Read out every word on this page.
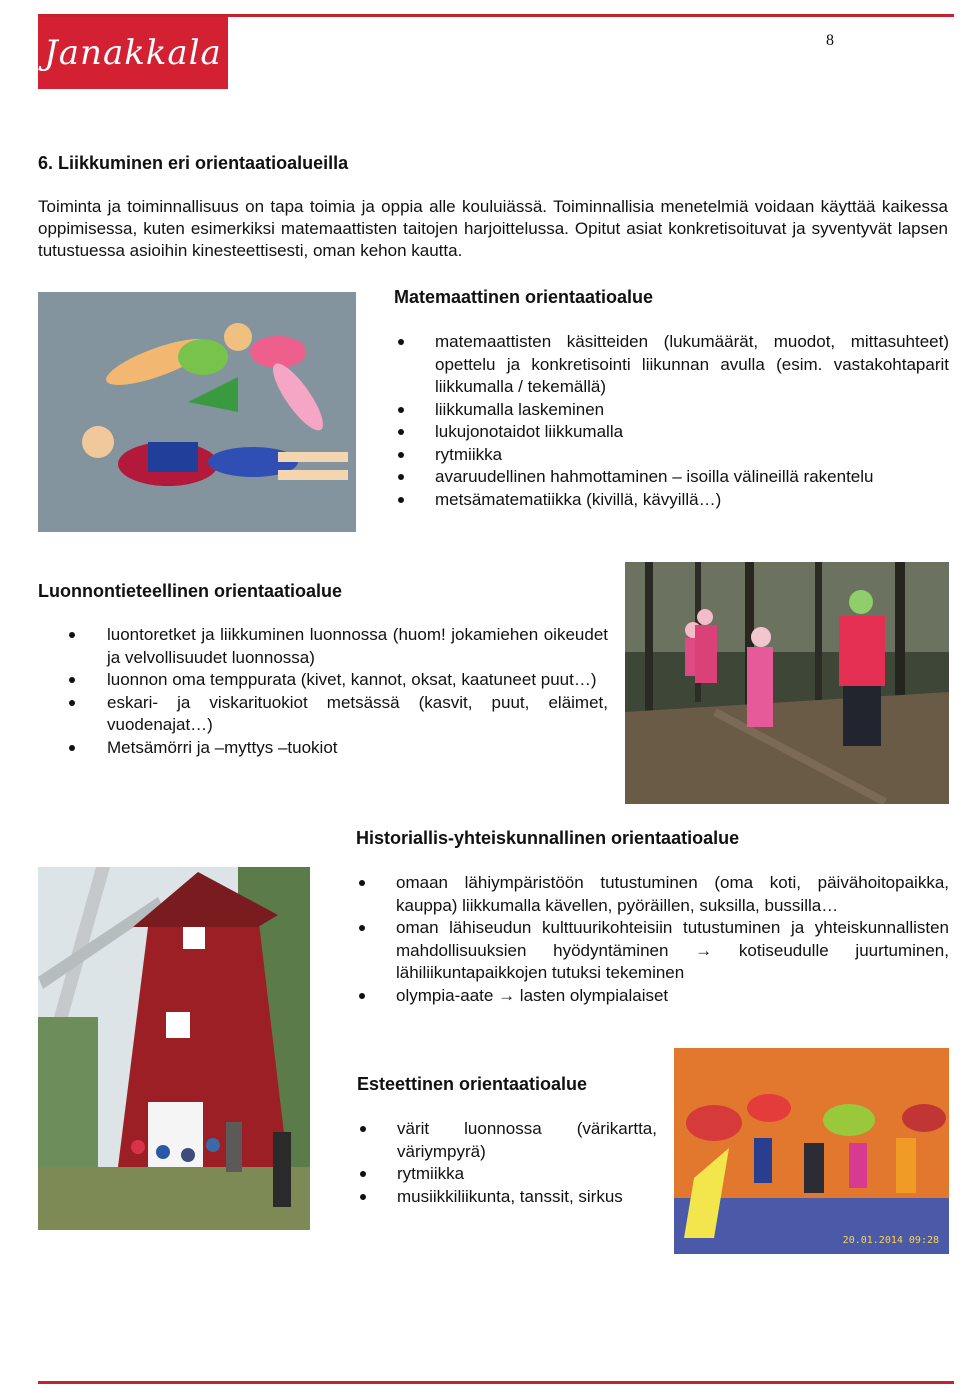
Janakkala	8
6. Liikkuminen eri orientaatioalueilla
Toiminta ja toiminnallisuus on tapa toimia ja oppia alle kouluiässä. Toiminnallisia menetelmiä voidaan käyttää kaikessa oppimisessa, kuten esimerkiksi matemaattisten taitojen harjoittelussa. Opitut asiat konkretisoituvat ja syventyvät lapsen tutustuessa asioihin kinesteettisesti, oman kehon kautta.
Matemaattinen orientaatioalue
matemaattisten käsitteiden (lukumäärät, muodot, mittasuhteet) opettelu ja konkretisointi liikunnan avulla (esim. vastakohtaparit liikkumalla / tekemällä)
liikkumalla laskeminen
lukujonotaidot liikkumalla
rytmiikka
avaruudellinen hahmottaminen – isoilla välineillä rakentelu
metsämatematiikka (kivillä, kävyillä…)
Luonnontieteellinen orientaatioalue
luontoretket ja liikkuminen luonnossa (huom! jokamiehen oikeudet ja velvollisuudet luonnossa)
luonnon oma temppurata (kivet, kannot, oksat, kaatuneet puut…)
eskari- ja viskarituokiot metsässä (kasvit, puut, eläimet, vuodenajat…)
Metsämörri ja –myttys –tuokiot
Historiallis-yhteiskunnallinen orientaatioalue
omaan lähiympäristöön tutustuminen (oma koti, päivähoitopaikka, kauppa) liikkumalla kävellen, pyöräillen, suksilla, bussilla…
oman lähiseudun kulttuurikohteisiin tutustuminen ja yhteiskunnallisten mahdollisuuksien hyödyntäminen → kotiseudulle juurtuminen, lähiliikuntapaikkojen tutuksi tekeminen
olympia-aate → lasten olympialaiset
Esteettinen orientaatioalue
värit luonnossa (värikartta, väriympyrä)
rytmiikka
musiikkiliikunta, tanssit, sirkus
20.01.2014 09:28
